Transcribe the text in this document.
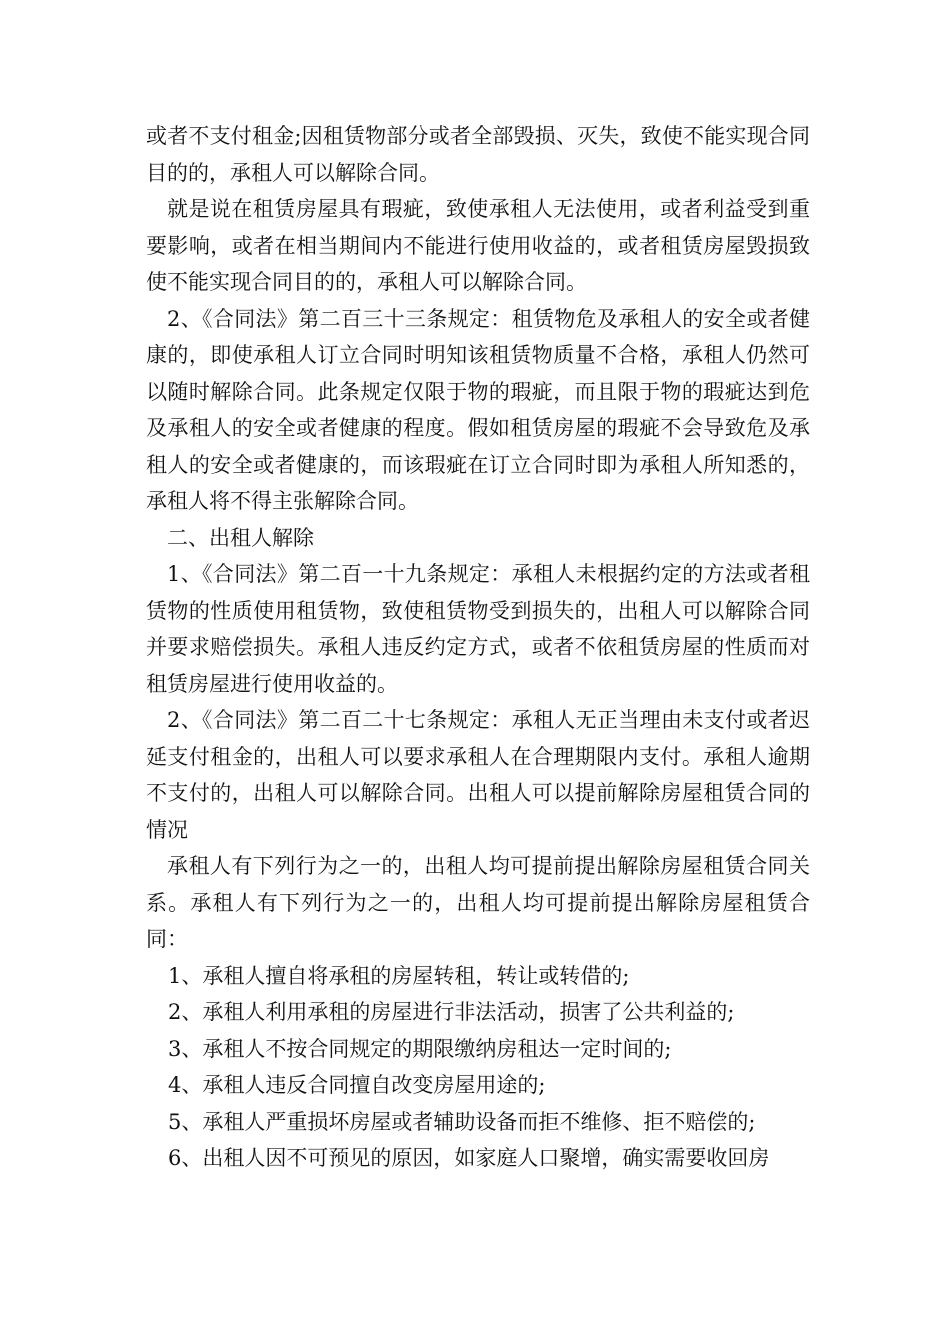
或者不支付租金;因租赁物部分或者全部毁损、灭失，致使不能实现合同目的的，承租人可以解除合同。

就是说在租赁房屋具有瑕疵，致使承租人无法使用，或者利益受到重要影响，或者在相当期间内不能进行使用收益的，或者租赁房屋毁损致使不能实现合同目的的，承租人可以解除合同。

2、《合同法》第二百三十三条规定：租赁物危及承租人的安全或者健康的，即使承租人订立合同时明知该租赁物质量不合格，承租人仍然可以随时解除合同。此条规定仅限于物的瑕疵，而且限于物的瑕疵达到危及承租人的安全或者健康的程度。假如租赁房屋的瑕疵不会导致危及承租人的安全或者健康的，而该瑕疵在订立合同时即为承租人所知悉的，承租人将不得主张解除合同。

二、出租人解除

1、《合同法》第二百一十九条规定：承租人未根据约定的方法或者租赁物的性质使用租赁物，致使租赁物受到损失的，出租人可以解除合同并要求赔偿损失。承租人违反约定方式，或者不依租赁房屋的性质而对租赁房屋进行使用收益的。

2、《合同法》第二百二十七条规定：承租人无正当理由未支付或者迟延支付租金的，出租人可以要求承租人在合理期限内支付。承租人逾期不支付的，出租人可以解除合同。出租人可以提前解除房屋租赁合同的情况

承租人有下列行为之一的，出租人均可提前提出解除房屋租赁合同关系。承租人有下列行为之一的，出租人均可提前提出解除房屋租赁合同：

1、承租人擅自将承租的房屋转租，转让或转借的;

2、承租人利用承租的房屋进行非法活动，损害了公共利益的;

3、承租人不按合同规定的期限缴纳房租达一定时间的;

4、承租人违反合同擅自改变房屋用途的;

5、承租人严重损坏房屋或者辅助设备而拒不维修、拒不赔偿的;

6、出租人因不可预见的原因，如家庭人口聚增，确实需要收回房
